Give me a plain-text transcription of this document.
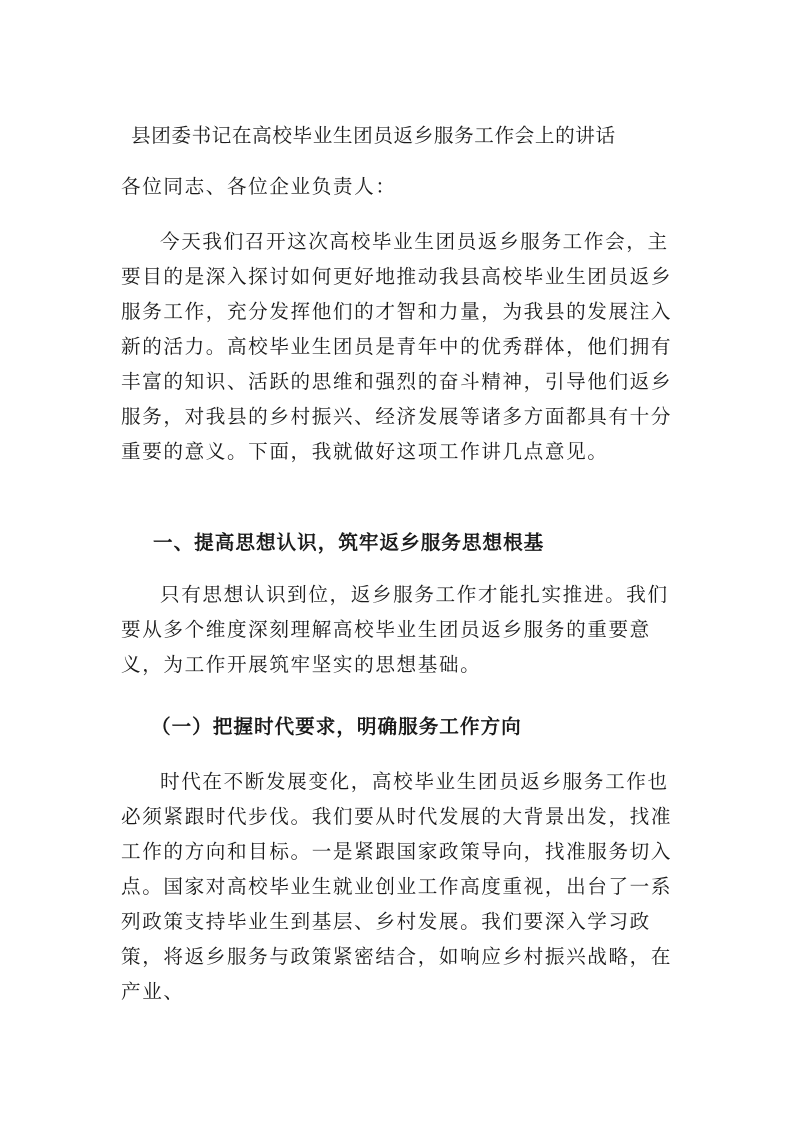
县团委书记在高校毕业生团员返乡服务工作会上的讲话

各位同志、各位企业负责人：

今天我们召开这次高校毕业生团员返乡服务工作会，主要目的是深入探讨如何更好地推动我县高校毕业生团员返乡服务工作，充分发挥他们的才智和力量，为我县的发展注入新的活力。高校毕业生团员是青年中的优秀群体，他们拥有丰富的知识、活跃的思维和强烈的奋斗精神，引导他们返乡服务，对我县的乡村振兴、经济发展等诸多方面都具有十分重要的意义。下面，我就做好这项工作讲几点意见。

一、提高思想认识，筑牢返乡服务思想根基

只有思想认识到位，返乡服务工作才能扎实推进。我们要从多个维度深刻理解高校毕业生团员返乡服务的重要意义，为工作开展筑牢坚实的思想基础。

（一）把握时代要求，明确服务工作方向

时代在不断发展变化，高校毕业生团员返乡服务工作也必须紧跟时代步伐。我们要从时代发展的大背景出发，找准工作的方向和目标。一是紧跟国家政策导向，找准服务切入点。国家对高校毕业生就业创业工作高度重视，出台了一系列政策支持毕业生到基层、乡村发展。我们要深入学习政策，将返乡服务与政策紧密结合，如响应乡村振兴战略，在产业、
